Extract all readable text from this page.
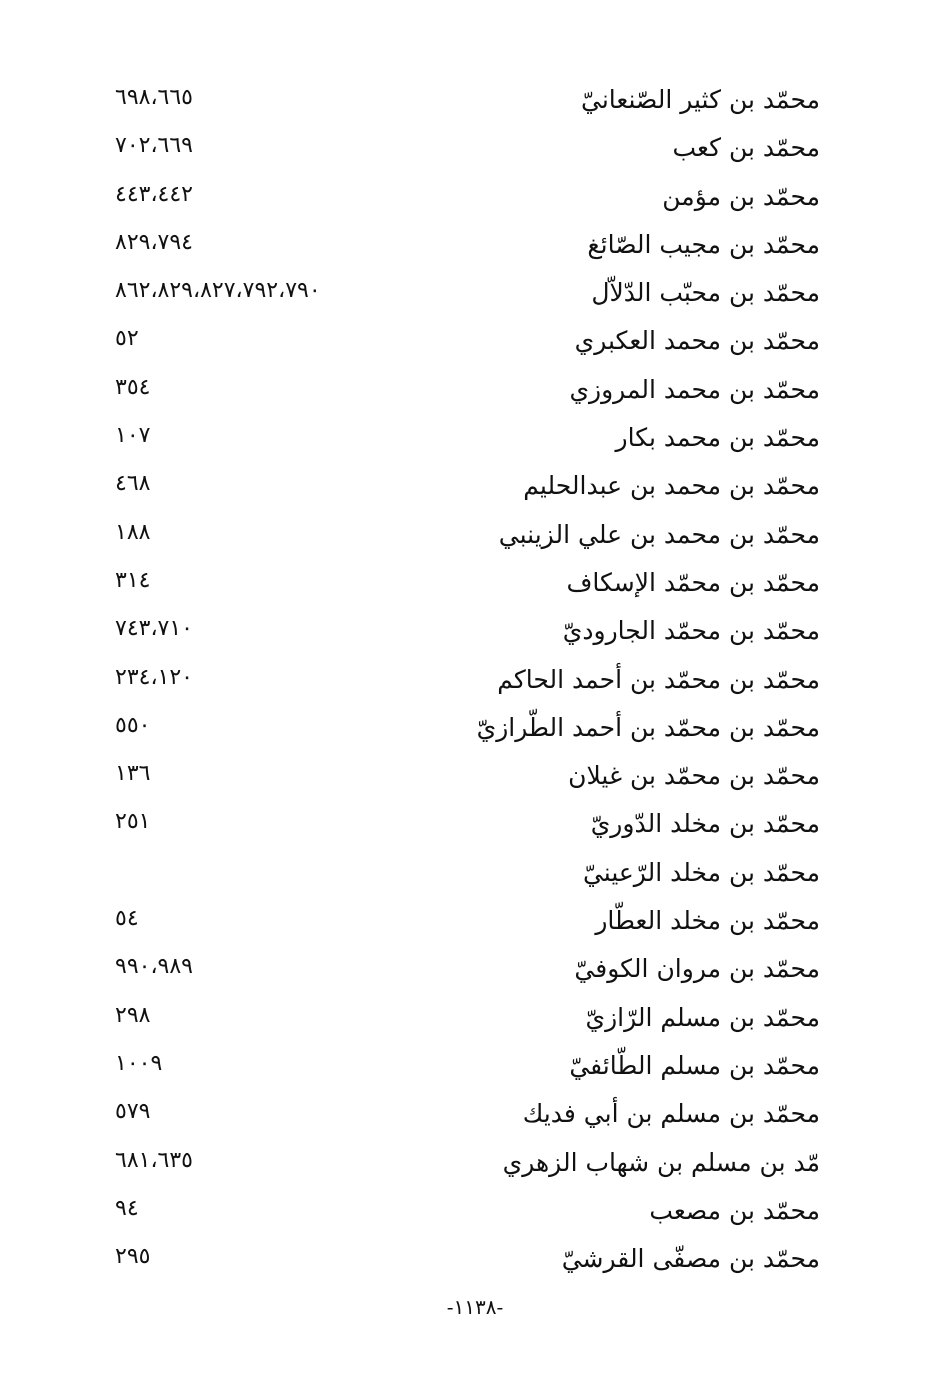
محمّد بن كثير الصّنعانيّ
٦٩٨،٦٦٥
محمّد بن كعب
٧٠٢،٦٦٩
محمّد بن مؤمن
٤٤٣،٤٤٢
محمّد بن مجيب الصّائغ
٨٢٩،٧٩٤
محمّد بن محبّب الدّلاّل
٨٦٢،٨٢٩،٨٢٧،٧٩٢،٧٩٠
محمّد بن محمد العكبري
٥٢
محمّد بن محمد المروزي
٣٥٤
محمّد بن محمد بكار
١٠٧
محمّد بن محمد بن عبدالحليم
٤٦٨
محمّد بن محمد بن علي الزينبي
١٨٨
محمّد بن محمّد الإسكاف
٣١٤
محمّد بن محمّد الجاروديّ
٧٤٣،٧١٠
محمّد بن محمّد بن أحمد الحاكم
٢٣٤،١٢٠
محمّد بن محمّد بن أحمد الطّرازيّ
٥٥٠
محمّد بن محمّد بن غيلان
١٣٦
محمّد بن مخلد الدّوريّ
٢٥١
محمّد بن مخلد الرّعينيّ
محمّد بن مخلد العطّار
٥٤
محمّد بن مروان الكوفيّ
٩٩٠،٩٨٩
محمّد بن مسلم الرّازيّ
٢٩٨
محمّد بن مسلم الطّائفيّ
١٠٠٩
محمّد بن مسلم بن أبي فديك
٥٧٩
مّد بن مسلم بن شهاب الزهري
٦٨١،٦٣٥
محمّد بن مصعب
٩٤
محمّد بن مصفّى القرشيّ
٢٩٥
-١١٣٨-
